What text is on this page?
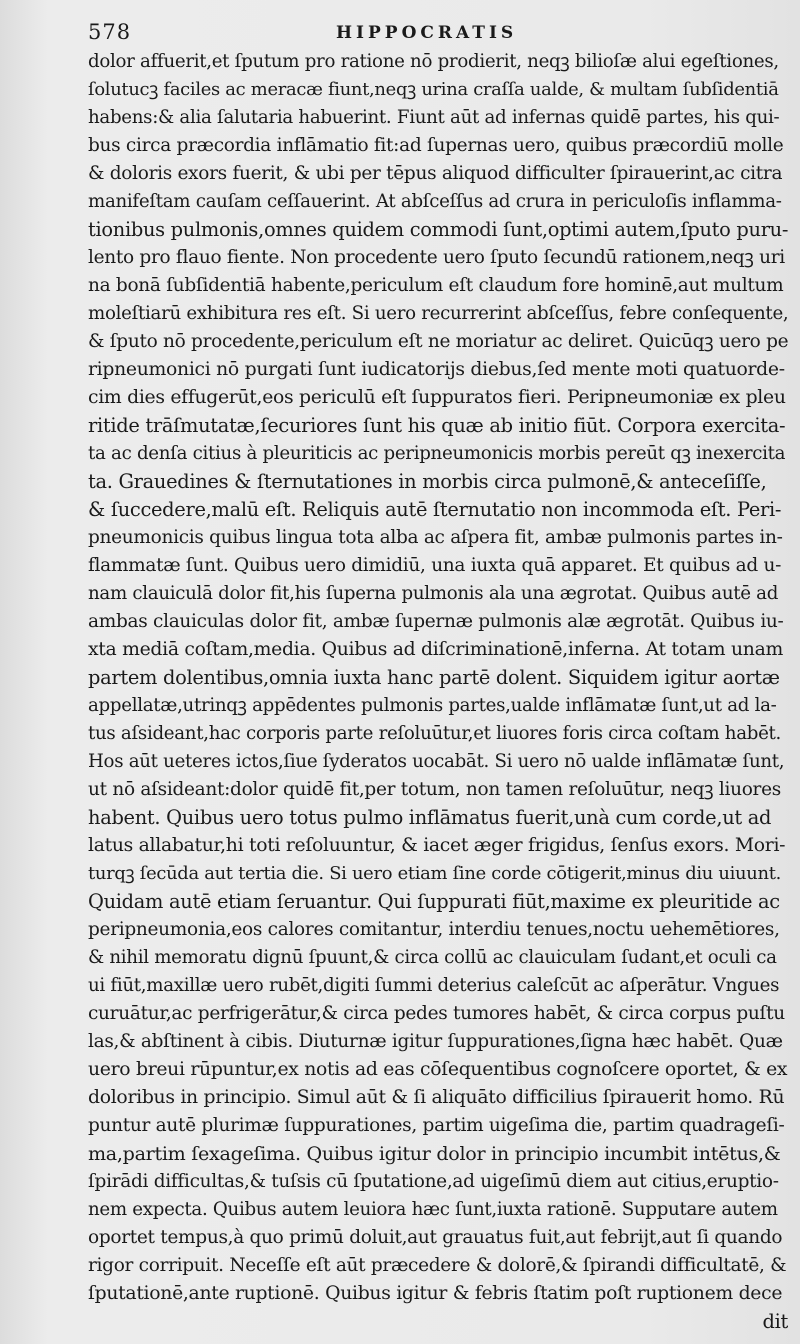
578	HIPPOCRATIS
dolor affuerit,et ſputum pro ratione nō prodierit, neqꝫ bilioſæ alui egeſtiones,
ſolutucꝫ faciles ac meracæ fiunt,neqꝫ urina craſſa ualde, & multam ſubſidentiā
habens:& alia ſalutaria habuerint. Fiunt aūt ad infernas quidē partes, his qui-
bus circa præcordia inflāmatio fit:ad ſupernas uero, quibus præcordiū molle
& doloris exors fuerit, & ubi per tēpus aliquod difficulter ſpirauerint,ac citra
manifeſtam cauſam ceſſauerint. At abſceſſus ad crura in periculoſis inflamma-
tionibus pulmonis,omnes quidem commodi ſunt,optimi autem,ſputo puru-
lento pro flauo fiente. Non procedente uero ſputo ſecundū rationem,neqꝫ uri
na bonā ſubſidentiā habente,periculum eſt claudum fore hominē,aut multum
moleſtiarū exhibitura res eſt. Si uero recurrerint abſceſſus, febre conſequente,
& ſputo nō procedente,periculum eſt ne moriatur ac deliret. Quicūqꝫ uero pe
ripneumonici nō purgati ſunt iudicatorijs diebus,ſed mente moti quatuorde-
cim dies effugerūt,eos periculū eſt ſuppuratos fieri. Peripneumoniæ ex pleu
ritide trāſmutatæ,ſecuriores ſunt his quæ ab initio fiūt. Corpora exercita-
ta ac denſa citius à pleuriticis ac peripneumonicis morbis pereūt qꝫ inexercita
ta. Grauedines & ſternutationes in morbis circa pulmonē,& anteceſiſſe,
& ſuccedere,malū eſt. Reliquis autē ſternutatio non incommoda eſt. Peri-
pneumonicis quibus lingua tota alba ac aſpera fit, ambæ pulmonis partes in-
flammatæ ſunt. Quibus uero dimidiū, una iuxta quā apparet. Et quibus ad u-
nam clauiculā dolor fit,his ſuperna pulmonis ala una ægrotat. Quibus autē ad
ambas clauiculas dolor fit, ambæ ſupernæ pulmonis alæ ægrotāt. Quibus iu-
xta mediā coſtam,media. Quibus ad diſcriminationē,inferna. At totam unam
partem dolentibus,omnia iuxta hanc partē dolent. Siquidem igitur aortæ
appellatæ,utrinqꝫ appēdentes pulmonis partes,ualde inflāmatæ ſunt,ut ad la-
tus aſsideant,hac corporis parte reſoluūtur,et liuores foris circa coſtam habēt.
Hos aūt ueteres ictos,ſiue ſyderatos uocabāt. Si uero nō ualde inflāmatæ ſunt,
ut nō aſsideant:dolor quidē fit,per totum, non tamen reſoluūtur, neqꝫ liuores
habent. Quibus uero totus pulmo inflāmatus fuerit,unà cum corde,ut ad
latus allabatur,hi toti reſoluuntur, & iacet æger frigidus, ſenſus exors. Mori-
turqꝫ ſecūda aut tertia die. Si uero etiam ſine corde cōtigerit,minus diu uiuunt.
Quidam autē etiam ſeruantur. Qui ſuppurati fiūt,maxime ex pleuritide ac
peripneumonia,eos calores comitantur, interdiu tenues,noctu uehemētiores,
& nihil memoratu dignū ſpuunt,& circa collū ac clauiculam ſudant,et oculi ca
ui fiūt,maxillæ uero rubēt,digiti ſummi deterius caleſcūt ac aſperātur. Vngues
curuātur,ac perfrigerātur,& circa pedes tumores habēt, & circa corpus puſtu
las,& abſtinent à cibis. Diuturnæ igitur ſuppurationes,ſigna hæc habēt. Quæ
uero breui rūpuntur,ex notis ad eas cōſequentibus cognoſcere oportet, & ex
doloribus in principio. Simul aūt & ſi aliquāto difficilius ſpirauerit homo. Rū
puntur autē plurimæ ſuppurationes, partim uigeſima die, partim quadrageſi-
ma,partim ſexageſima. Quibus igitur dolor in principio incumbit intētus,&
ſpirādi difficultas,& tuſsis cū ſputatione,ad uigeſimū diem aut citius,eruptio-
nem expecta. Quibus autem leuiora hæc ſunt,iuxta rationē. Supputare autem
oportet tempus,à quo primū doluit,aut grauatus fuit,aut febrijt,aut ſi quando
rigor corripuit. Neceſſe eſt aūt præcedere & dolorē,& ſpirandi difficultatē, &
ſputationē,ante ruptionē. Quibus igitur & febris ſtatim poſt ruptionem dece
dit
